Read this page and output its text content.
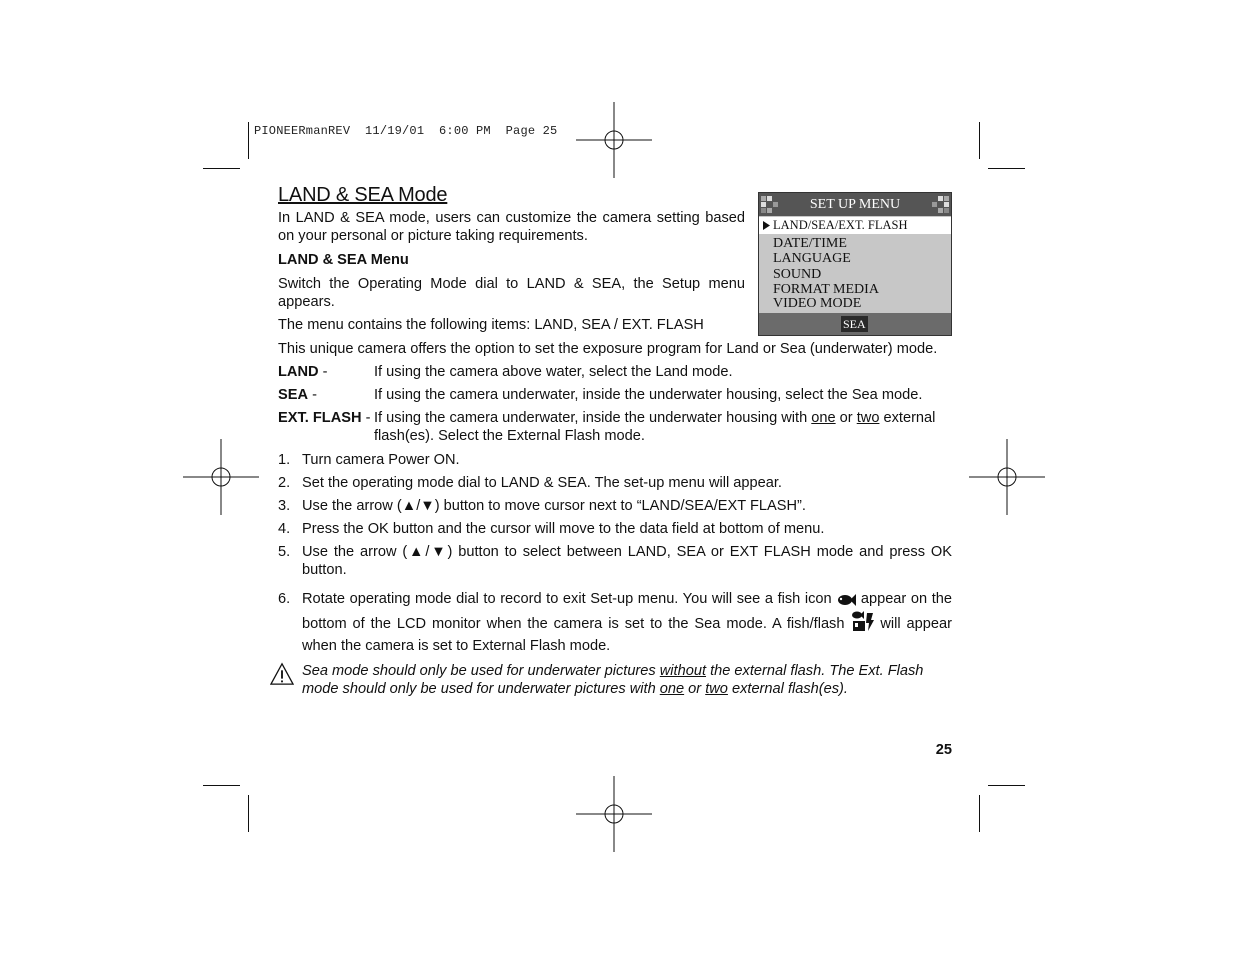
PIONEERmanREV  11/19/01  6:00 PM  Page 25
SET UP MENU
LAND/SEA/EXT. FLASH
DATE/TIME
LANGUAGE
SOUND
FORMAT MEDIA
VIDEO MODE
SEA
LAND & SEA Mode

In LAND & SEA mode, users can customize the camera setting based on your personal or picture taking requirements.

LAND & SEA Menu

Switch the Operating Mode dial to LAND & SEA, the Setup menu appears.

The menu contains the following items: LAND, SEA / EXT. FLASH

This unique camera offers the option to set the exposure program for Land or Sea (underwater) mode.

LAND -	If using the camera above water, select the Land mode.
SEA -	If using the camera underwater, inside the underwater housing, select the Sea mode.
EXT. FLASH - If using the camera underwater, inside the underwater housing with one or two external flash(es). Select the External Flash mode.
1. Turn camera Power ON.
2. Set the operating mode dial to LAND & SEA. The set-up menu will appear.
3. Use the arrow (▲/▼) button to move cursor next to “LAND/SEA/EXT FLASH”.
4. Press the OK button and the cursor will move to the data field at bottom of menu.
5. Use the arrow (▲/▼) button to select between LAND, SEA or EXT FLASH mode and press OK button.
6. Rotate operating mode dial to record to exit Set-up menu. You will see a fish icon  appear on the bottom of the LCD monitor when the camera is set to the Sea mode. A fish/flash  will appear when the camera is set to External Flash mode.
Sea mode should only be used for underwater pictures without the external flash. The Ext. Flash mode should only be used for underwater pictures with one or two external flash(es).
25
